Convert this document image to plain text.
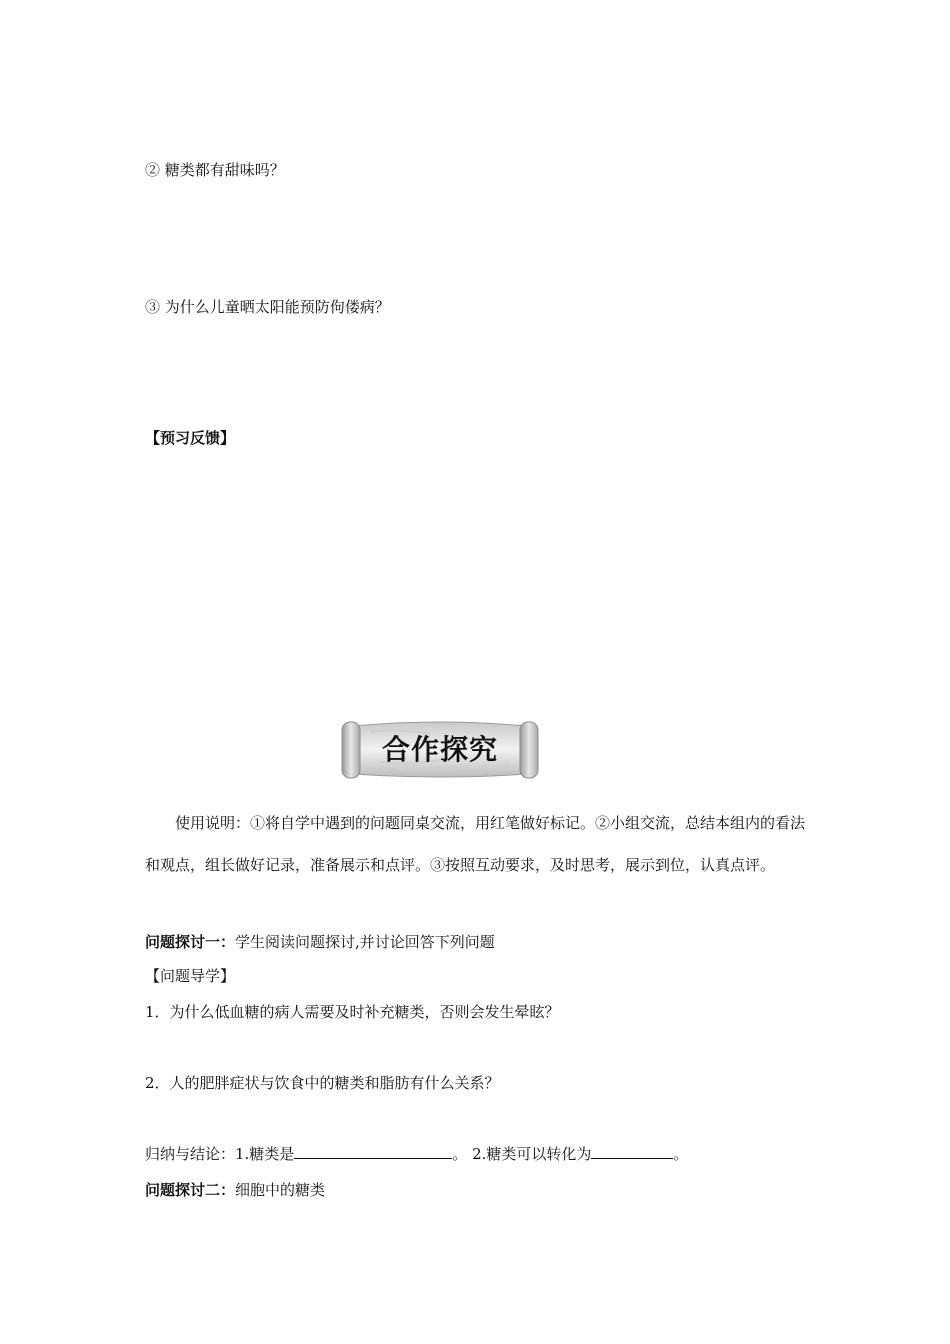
② 糖类都有甜味吗？
③ 为什么儿童晒太阳能预防佝偻病？
【预习反馈】
合作探究
使用说明：①将自学中遇到的问题同桌交流，用红笔做好标记。②小组交流，总结本组内的看法和观点，组长做好记录，准备展示和点评。③按照互动要求，及时思考，展示到位，认真点评。
问题探讨一：学生阅读问题探讨,并讨论回答下列问题
【问题导学】
1．为什么低血糖的病人需要及时补充糖类，否则会发生晕眩？
2．人的肥胖症状与饮食中的糖类和脂肪有什么关系？
归纳与结论：1.糖类是	。 2.糖类可以转化为	。
问题探讨二：细胞中的糖类
